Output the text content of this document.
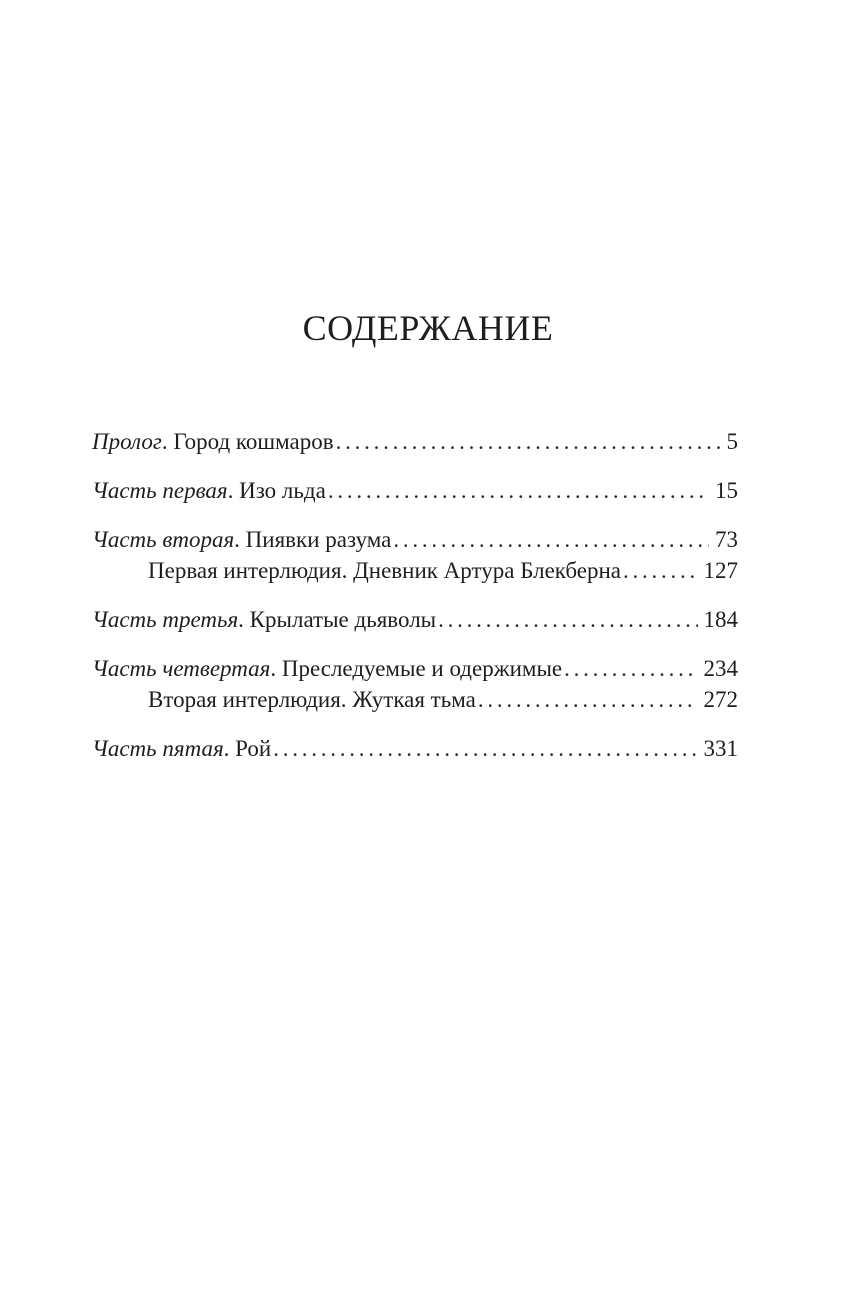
СОДЕРЖАНИЕ
Пролог. Город кошмаров . . .	5
Часть первая. Изо льда . . .	15
Часть вторая. Пиявки разума . . .	73
Первая интерлюдия. Дневник Артура Блекберна . . .	127
Часть третья. Крылатые дьяволы . . .	184
Часть четвертая. Преследуемые и одержимые . . .	234
Вторая интерлюдия. Жуткая тьма . . .	272
Часть пятая. Рой . . .	331
